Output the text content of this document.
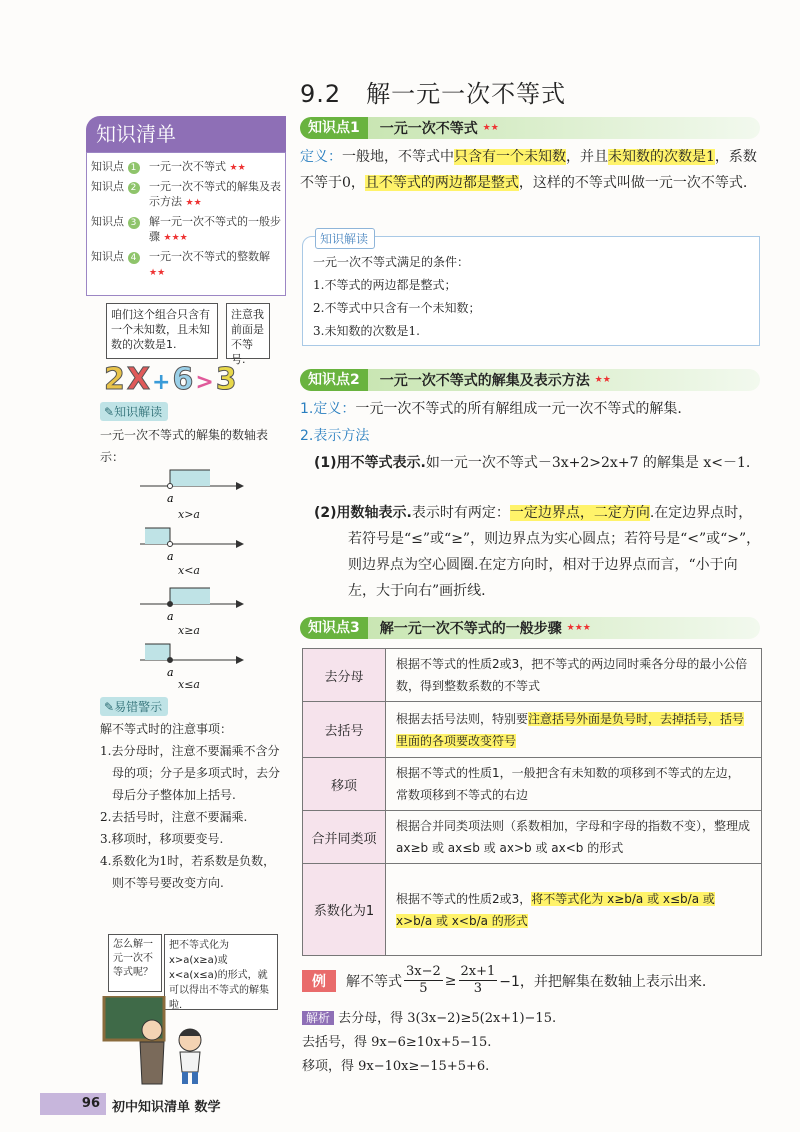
9.2　解一元一次不等式
知识清单
知识点 1	一元一次不等式 ★★
知识点 2	一元一次不等式的解集及表示方法 ★★
知识点 3	解一元一次不等式的一般步骤 ★★★
知识点 4	一元一次不等式的整数解 ★★
咱们这个组合只含有一个未知数，且未知数的次数是1.
注意我前面是不等号.
2X+6>3
✎知识解读
一元一次不等式的解集的数轴表示：
a
x>a
a
x<a
a
x≥a
a
x≤a
✎易错警示
解不等式时的注意事项：
1.去分母时，注意不要漏乘不含分母的项；分子是多项式时，去分母后分子整体加上括号.
2.去括号时，注意不要漏乘.
3.移项时，移项要变号.
4.系数化为1时，若系数是负数，则不等号要改变方向.
怎么解一元一次不等式呢？
把不等式化为x>a(x≥a)或x<a(x≤a)的形式，就可以得出不等式的解集啦.
知识点1	一元一次不等式
★★
定义：一般地，不等式中只含有一个未知数，并且未知数的次数是1，系数不等于0，且不等式的两边都是整式，这样的不等式叫做一元一次不等式.
知识解读
一元一次不等式满足的条件：
1.不等式的两边都是整式；
2.不等式中只含有一个未知数；
3.未知数的次数是1.
知识点2	一元一次不等式的解集及表示方法
★★
1.定义：一元一次不等式的所有解组成一元一次不等式的解集.
2.表示方法
(1)用不等式表示.如一元一次不等式－3x+2>2x+7 的解集是 x<－1.
(2)用数轴表示.表示时有两定：一定边界点，二定方向.在定边界点时，若符号是“≤”或“≥”，则边界点为实心圆点；若符号是“<”或“>”，则边界点为空心圆圈.在定方向时，相对于边界点而言，“小于向左，大于向右”画折线.
知识点3	解一元一次不等式的一般步骤
★★★
去分母	根据不等式的性质2或3，把不等式的两边同时乘各分母的最小公倍数，得到整数系数的不等式
去括号	根据去括号法则，特别要注意括号外面是负号时，去掉括号，括号里面的各项要改变符号
移项	根据不等式的性质1，一般把含有未知数的项移到不等式的左边，常数项移到不等式的右边
合并同类项	根据合并同类项法则（系数相加，字母和字母的指数不变），整理成 ax≥b 或 ax≤b 或 ax>b 或 ax<b 的形式
系数化为1	根据不等式的性质2或3，将不等式化为 x≥b/a 或 x≤b/a 或 x>b/a 或 x<b/a 的形式
例	解不等式 $\frac{3x-2}{5} \ge \frac{2x+1}{3} -1$，并把解集在数轴上表示出来.
解析 去分母，得 3(3x−2)≥5(2x+1)−15.
去括号，得 9x−6≥10x+5−15.
移项，得 9x−10x≥−15+5+6.
96 初中知识清单 数学
